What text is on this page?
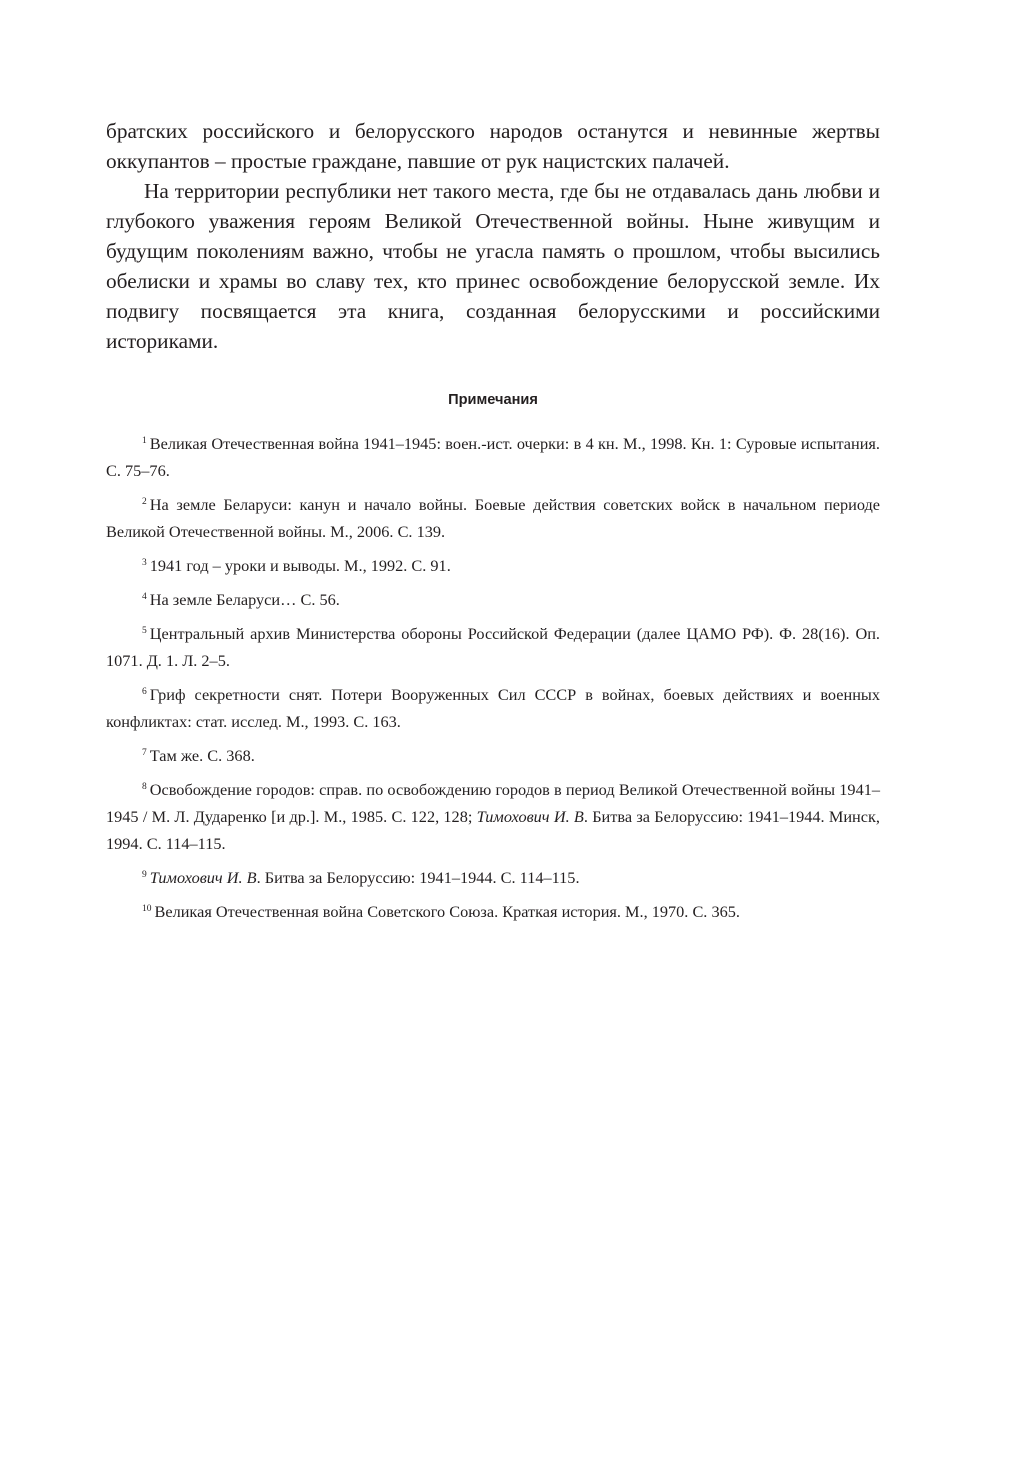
братских российского и белорусского народов останутся и невинные жертвы оккупантов – простые граждане, павшие от рук нацистских палачей.

На территории республики нет такого места, где бы не отдавалась дань любви и глубокого уважения героям Великой Отечественной войны. Ныне живущим и будущим поколениям важно, чтобы не угасла память о прошлом, чтобы высились обелиски и храмы во славу тех, кто принес освобождение белорусской земле. Их подвигу посвящается эта книга, созданная белорусскими и российскими историками.

Примечания

$^1$ Великая Отечественная война 1941–1945: воен.-ист. очерки: в 4 кн. М., 1998. Кн. 1: Суровые испытания. С. 75–76.

$^2$ На земле Беларуси: канун и начало войны. Боевые действия советских войск в начальном периоде Великой Отечественной войны. М., 2006. С. 139.

$^3$ 1941 год – уроки и выводы. М., 1992. С. 91.

$^4$ На земле Беларуси… С. 56.

$^5$ Центральный архив Министерства обороны Российской Федерации (далее ЦАМО РФ). Ф. 28(16). Оп. 1071. Д. 1. Л. 2–5.

$^6$ Гриф секретности снят. Потери Вооруженных Сил СССР в войнах, боевых действиях и военных конфликтах: стат. исслед. М., 1993. С. 163.

$^7$ Там же. С. 368.

$^8$ Освобождение городов: справ. по освобождению городов в период Великой Отечественной войны 1941–1945 / М. Л. Дударенко [и др.]. М., 1985. С. 122, 128; Тимохович И. В. Битва за Белоруссию: 1941–1944. Минск, 1994. С. 114–115.

$^9$ Тимохович И. В. Битва за Белоруссию: 1941–1944. С. 114–115.

$^{10}$ Великая Отечественная война Советского Союза. Краткая история. М., 1970. С. 365.
